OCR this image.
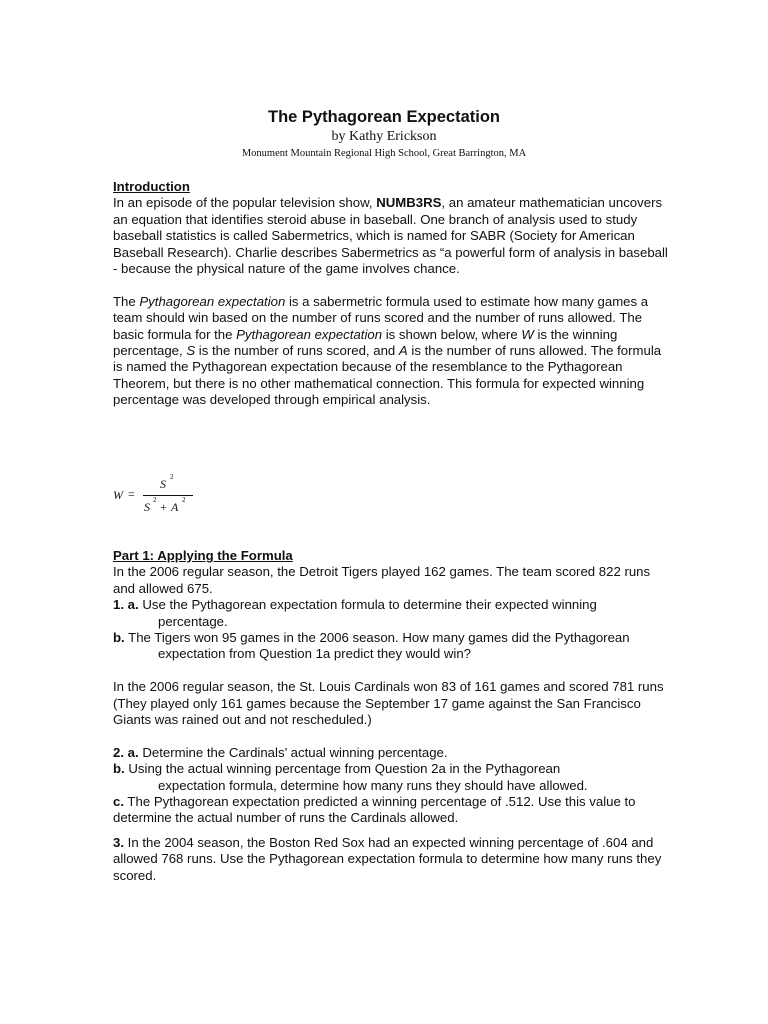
The Pythagorean Expectation
by Kathy Erickson
Monument Mountain Regional High School, Great Barrington, MA
Introduction

In an episode of the popular television show, NUMB3RS, an amateur mathematician uncovers an equation that identifies steroid abuse in baseball. One branch of analysis used to study baseball statistics is called Sabermetrics, which is named for SABR (Society for American Baseball Research). Charlie describes Sabermetrics as “a powerful form of analysis in baseball - because the physical nature of the game involves chance.

The Pythagorean expectation is a sabermetric formula used to estimate how many games a team should win based on the number of runs scored and the number of runs allowed. The basic formula for the Pythagorean expectation is shown below, where W is the winning percentage, S is the number of runs scored, and A is the number of runs allowed. The formula is named the Pythagorean expectation because of the resemblance to the Pythagorean Theorem, but there is no other mathematical connection. This formula for expected winning percentage was developed through empirical analysis.

W =
S 2
S 2 + A 2
Part 1: Applying the Formula

In the 2006 regular season, the Detroit Tigers played 162 games. The team scored 822 runs and allowed 675.

1. a. Use the Pythagorean expectation formula to determine their expected winning

percentage.

b. The Tigers won 95 games in the 2006 season. How many games did the Pythagorean

expectation from Question 1a predict they would win?

In the 2006 regular season, the St. Louis Cardinals won 83 of 161 games and scored 781 runs (They played only 161 games because the September 17 game against the San Francisco Giants was rained out and not rescheduled.)

2. a. Determine the Cardinals’ actual winning percentage.

b. Using the actual winning percentage from Question 2a in the Pythagorean

expectation formula, determine how many runs they should have allowed.

c. The Pythagorean expectation predicted a winning percentage of .512. Use this value to determine the actual number of runs the Cardinals allowed.

3. In the 2004 season, the Boston Red Sox had an expected winning percentage of .604 and allowed 768 runs. Use the Pythagorean expectation formula to determine how many runs they scored.
